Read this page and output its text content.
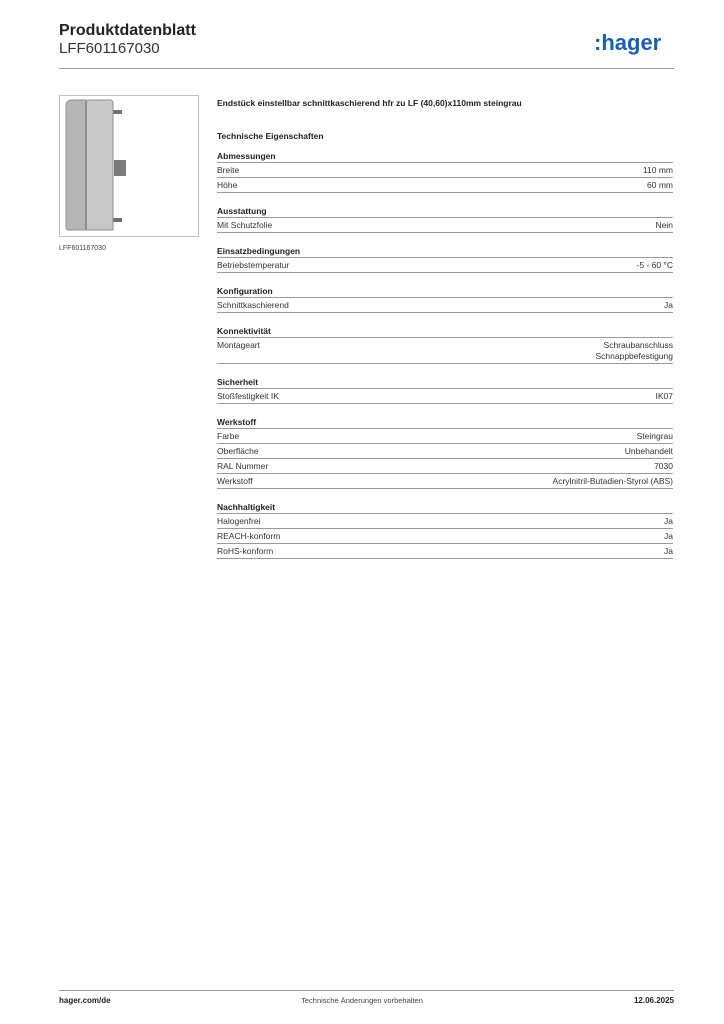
Produktdatenblatt
LFF601167030	:hager
LFF601167030

Endstück einstellbar schnittkaschierend hfr zu LF (40,60)x110mm steingrau

Technische Eigenschaften
Abmessungen
Breite	110 mm
Höhe	60 mm
Ausstattung
Mit Schutzfolie	Nein
Einsatzbedingungen
Betriebstemperatur	-5 - 60 °C
Konfiguration
Schnittkaschierend	Ja
Konnektivität
Montageart	Schraubanschluss
Schnappbefestigung
Sicherheit
Stoßfestigkeit IK	IK07
Werkstoff
Farbe	Steingrau
Oberfläche	Unbehandelt
RAL Nummer	7030
Werkstoff	Acrylnitril-Butadien-Styrol (ABS)
Nachhaltigkeit
Halogenfrei	Ja
REACH-konform	Ja
RoHS-konform	Ja
hager.com/de	Technische Änderungen vorbehalten	12.06.2025
